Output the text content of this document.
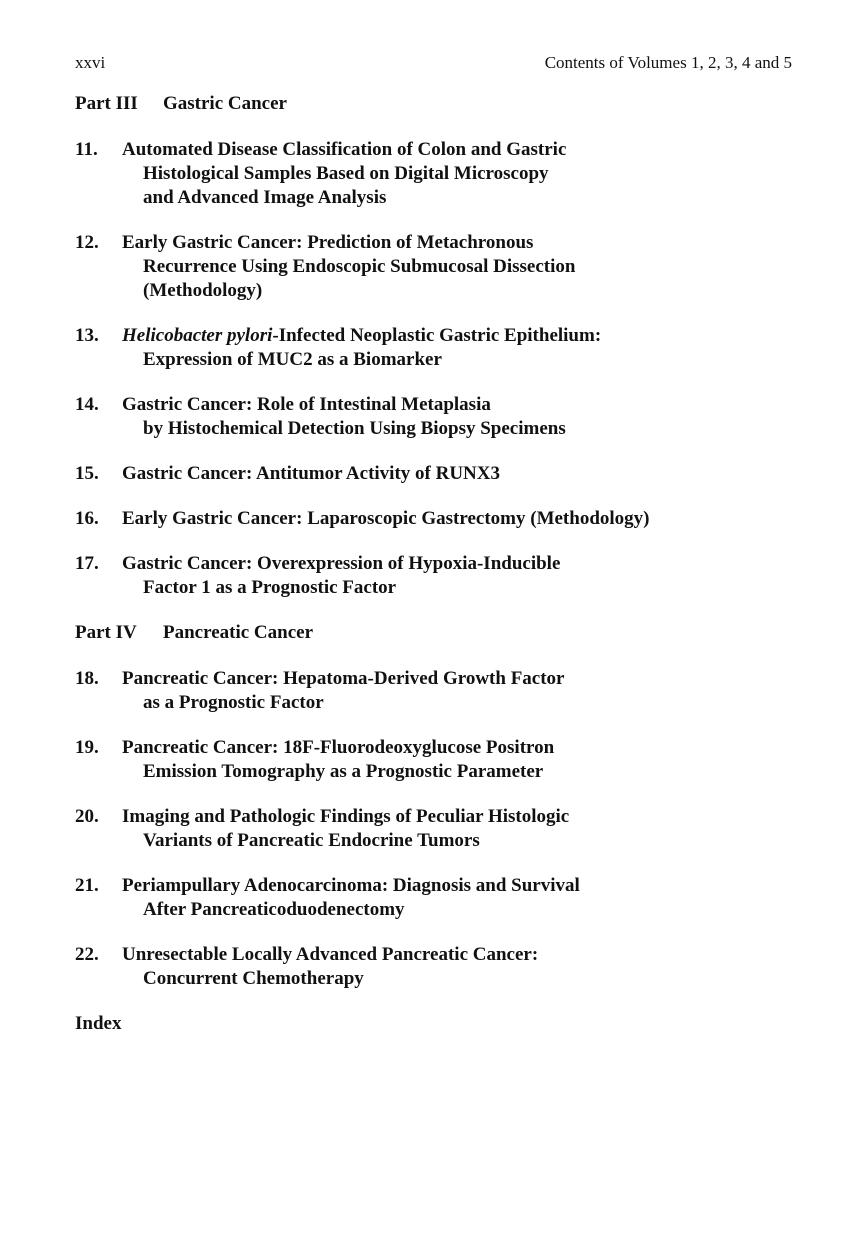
xxvi	Contents of Volumes 1, 2, 3, 4 and 5
Part III Gastric Cancer
11.	Automated Disease Classification of Colon and Gastric
Histological Samples Based on Digital Microscopy
and Advanced Image Analysis
12.	Early Gastric Cancer: Prediction of Metachronous
Recurrence Using Endoscopic Submucosal Dissection
(Methodology)
13.	Helicobacter pylori-Infected Neoplastic Gastric Epithelium:
Expression of MUC2 as a Biomarker
14.	Gastric Cancer: Role of Intestinal Metaplasia
by Histochemical Detection Using Biopsy Specimens
15.	Gastric Cancer: Antitumor Activity of RUNX3
16.	Early Gastric Cancer: Laparoscopic Gastrectomy (Methodology)
17.	Gastric Cancer: Overexpression of Hypoxia-Inducible
Factor 1 as a Prognostic Factor
Part IV Pancreatic Cancer
18.	Pancreatic Cancer: Hepatoma-Derived Growth Factor
as a Prognostic Factor
19.	Pancreatic Cancer: 18F-Fluorodeoxyglucose Positron
Emission Tomography as a Prognostic Parameter
20.	Imaging and Pathologic Findings of Peculiar Histologic
Variants of Pancreatic Endocrine Tumors
21.	Periampullary Adenocarcinoma: Diagnosis and Survival
After Pancreaticoduodenectomy
22.	Unresectable Locally Advanced Pancreatic Cancer:
Concurrent Chemotherapy
Index
